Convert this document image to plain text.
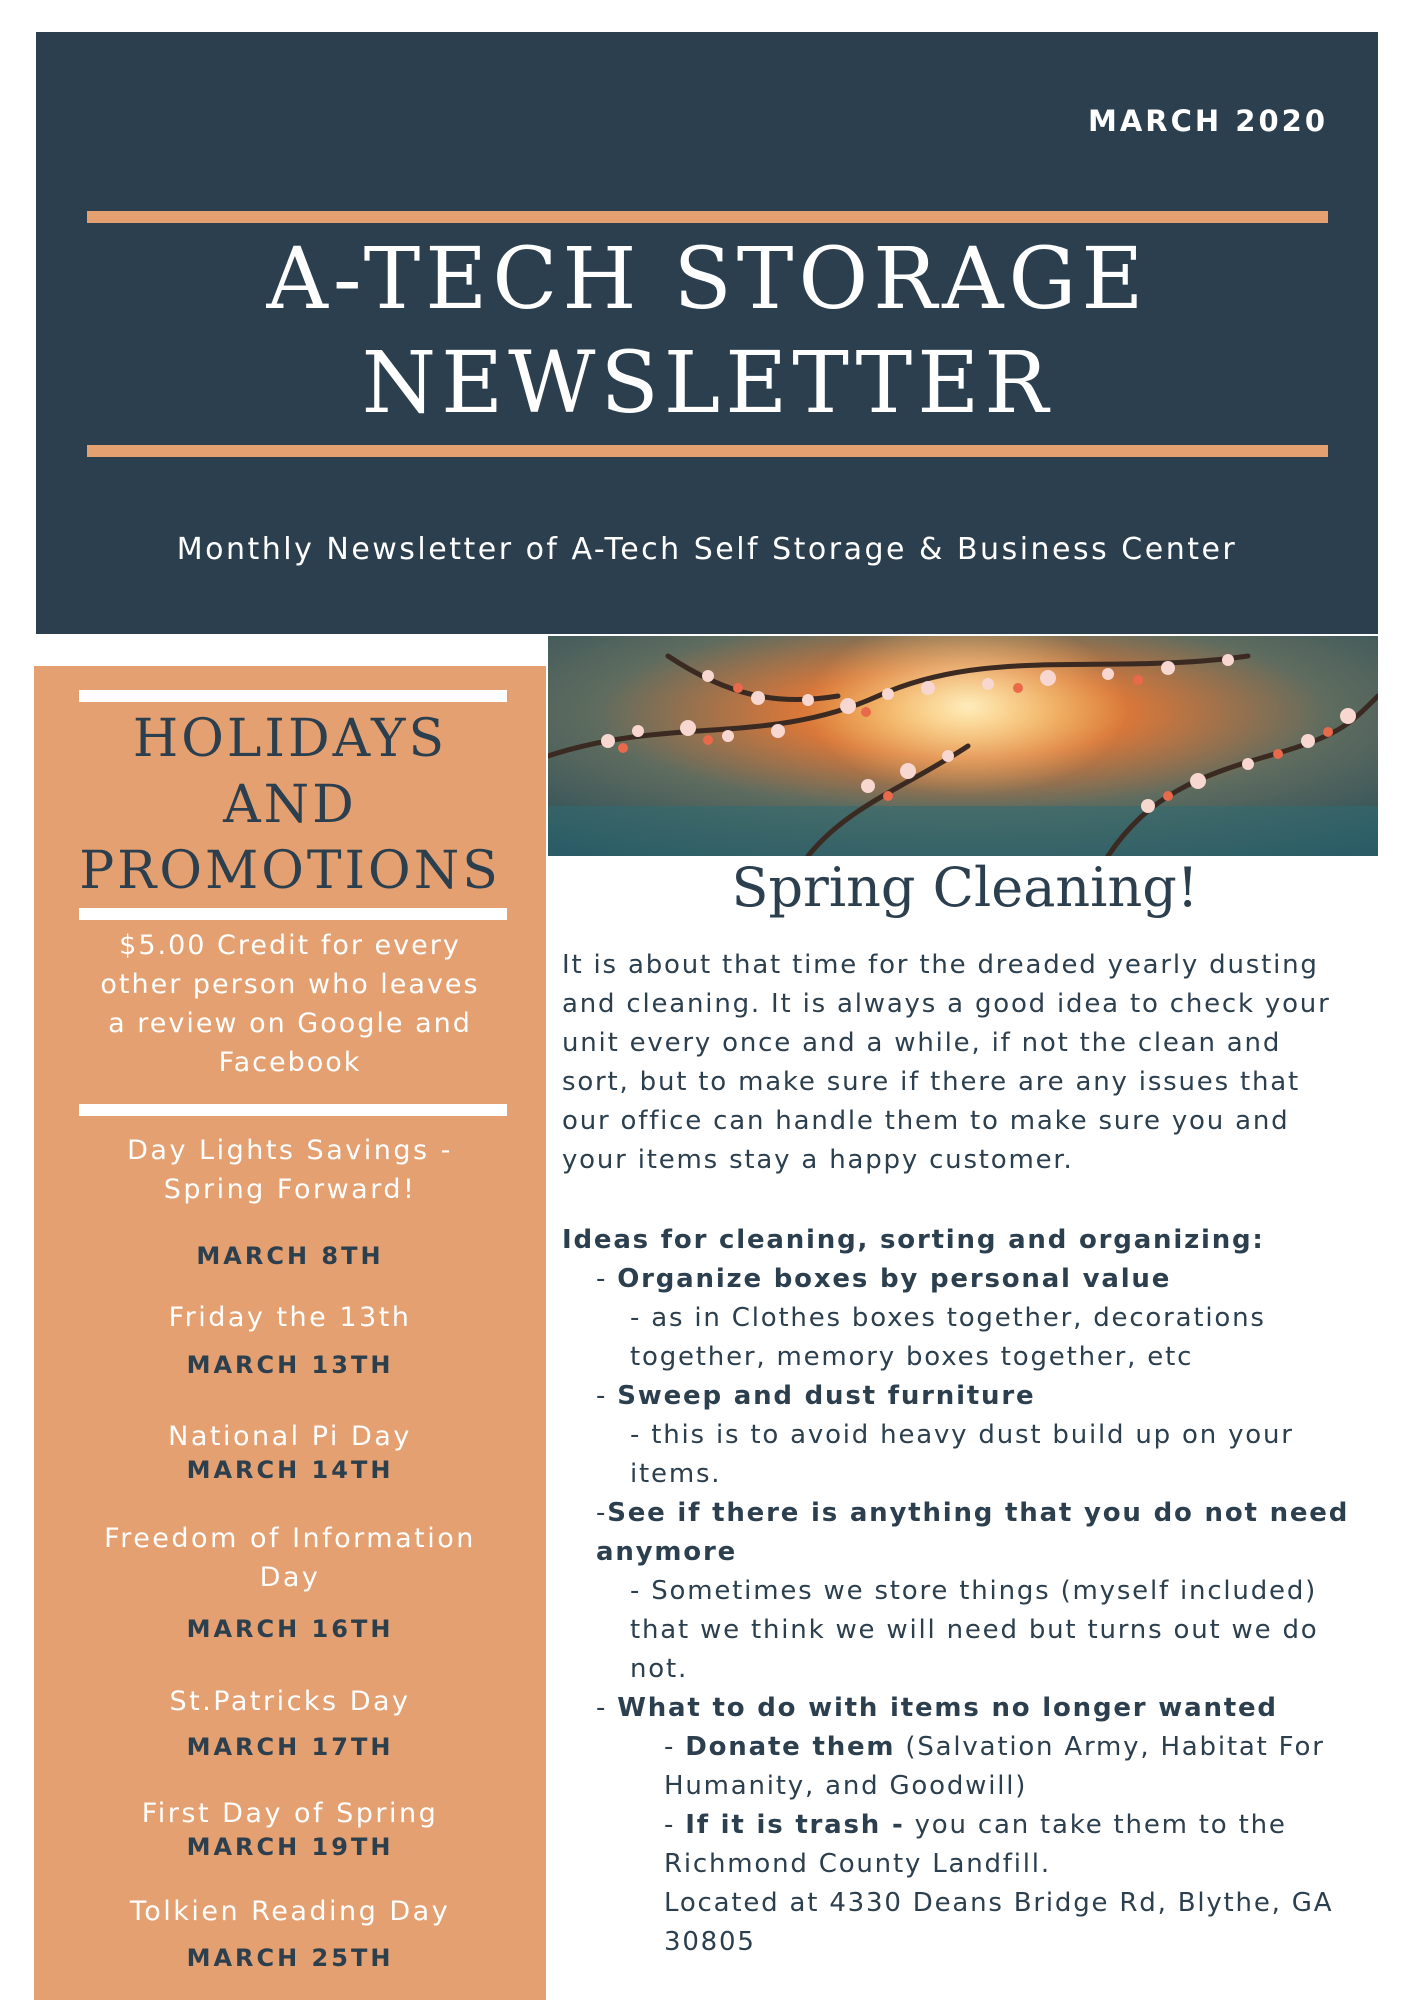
MARCH 2020
A-TECH STORAGE
NEWSLETTER
Monthly Newsletter of A-Tech Self Storage & Business Center
HOLIDAYS
AND
PROMOTIONS
$5.00 Credit for every
other person who leaves
a review on Google and
Facebook
Day Lights Savings -
Spring Forward!
MARCH 8TH
Friday the 13th
MARCH 13TH
National Pi Day
MARCH 14TH
Freedom of Information
Day
MARCH 16TH
St.Patricks Day
MARCH 17TH
First Day of Spring
MARCH 19TH
Tolkien Reading Day
MARCH 25TH
Spring Cleaning!

It is about that time for the dreaded yearly dusting

and cleaning. It is always a good idea to check your

unit every once and a while, if not the clean and

sort, but to make sure if there are any issues that

our office can handle them to make sure you and

your items stay a happy customer.

Ideas for cleaning, sorting and organizing:

- Organize boxes by personal value

- as in Clothes boxes together, decorations

together, memory boxes together, etc

- Sweep and dust furniture

- this is to avoid heavy dust build up on your

items.

-See if there is anything that you do not need

anymore

- Sometimes we store things (myself included)

that we think we will need but turns out we do

not.

- What to do with items no longer wanted

- Donate them (Salvation Army, Habitat For

Humanity, and Goodwill)

- If it is trash - you can take them to the

Richmond County Landfill.

Located at 4330 Deans Bridge Rd, Blythe, GA

30805
